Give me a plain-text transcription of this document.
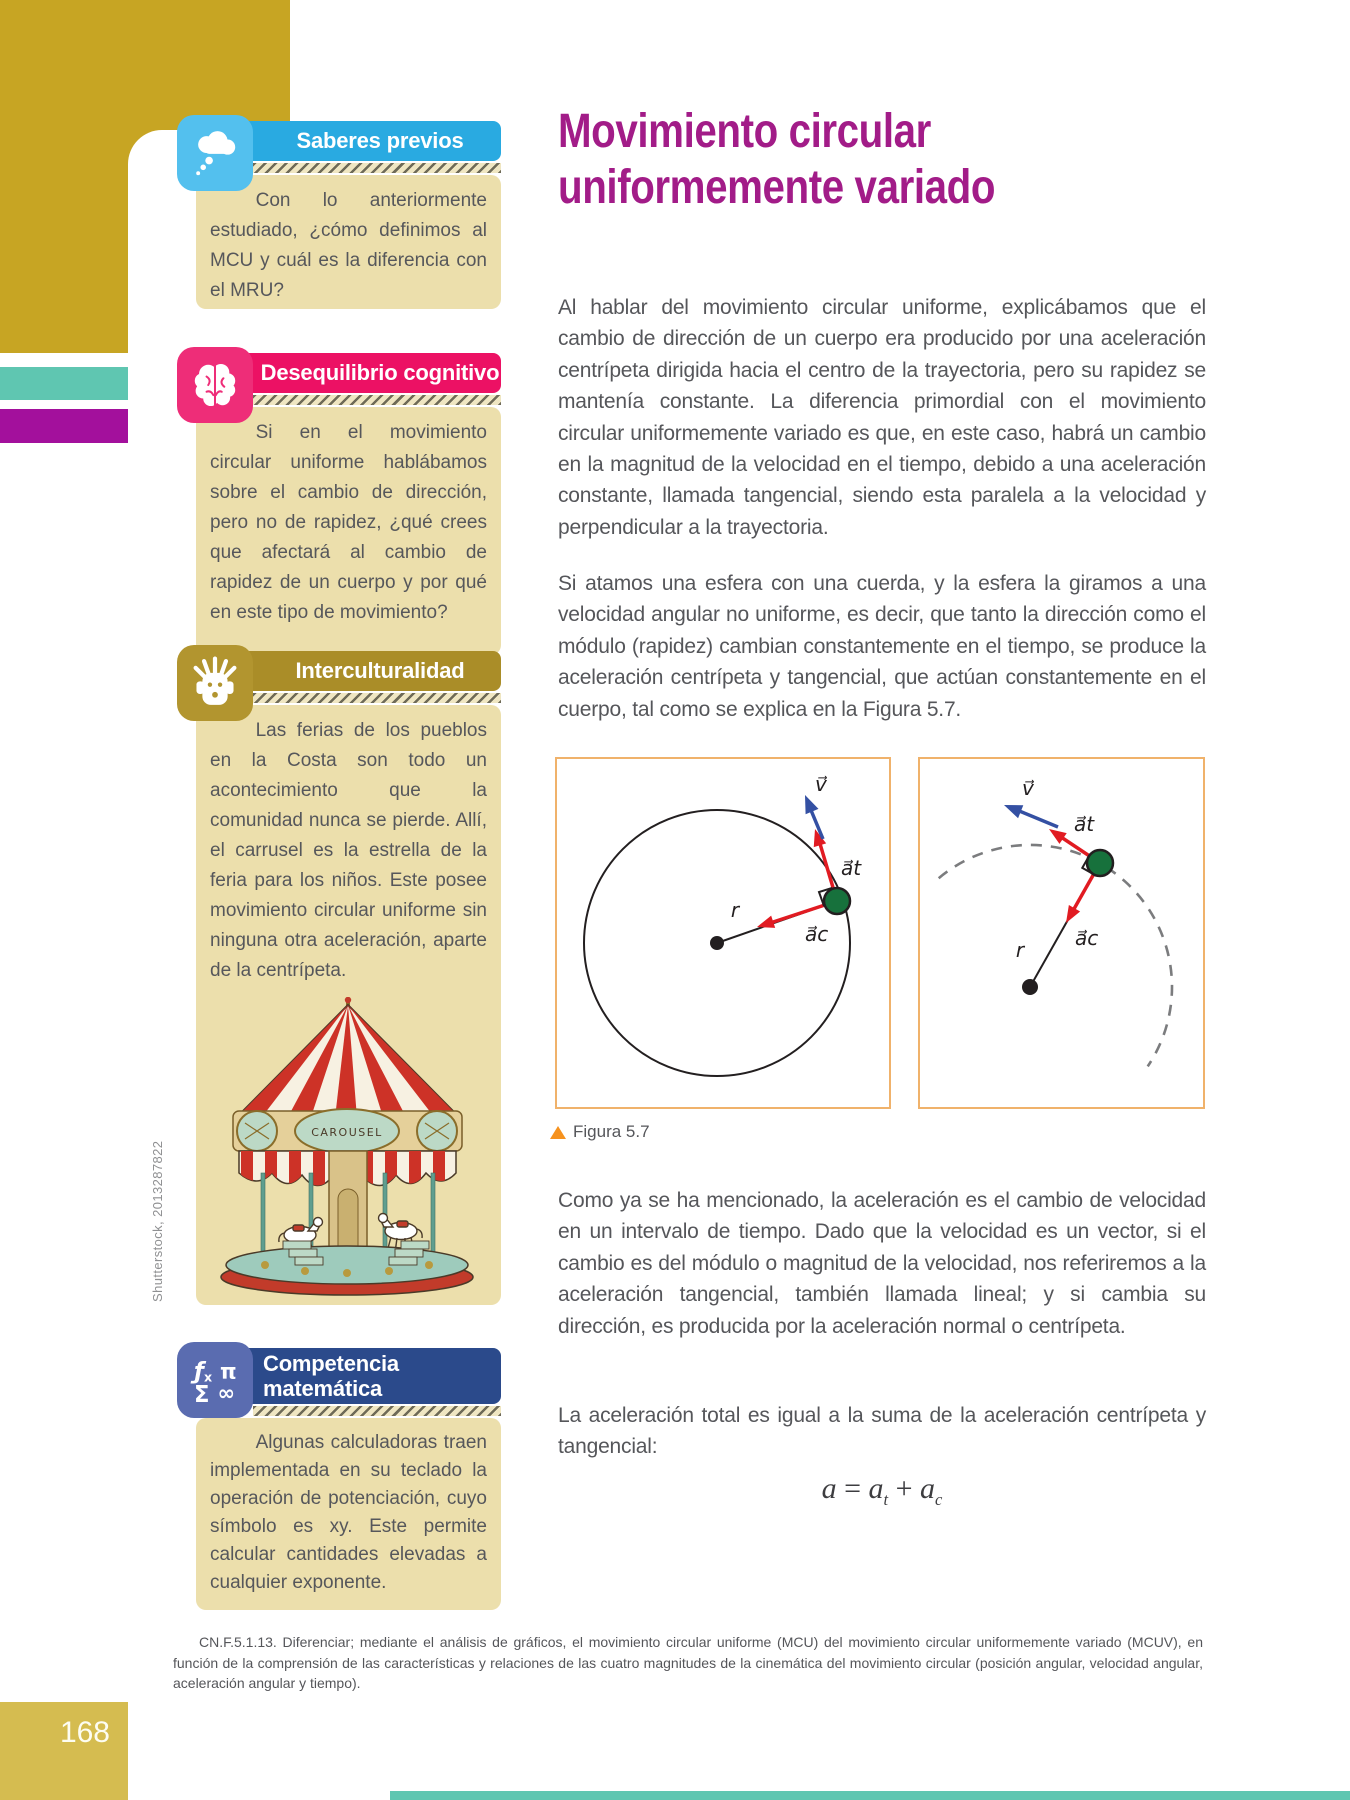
168
Saberes previos

Con lo anteriormente estudiado, ¿cómo definimos al MCU y cuál es la diferencia con el MRU?

Desequilibrio cognitivo

Si en el movimiento circular uniforme hablábamos sobre el cambio de dirección, pero no de rapidez, ¿qué crees que afectará al cambio de rapidez de un cuerpo y por qué en este tipo de movimiento?

Interculturalidad

Las ferias de los pueblos en la Costa son todo un acontecimiento que la comunidad nunca se pierde. Allí, el carrusel es la estrella de la feria para los niños. Este posee movimiento circular uniforme sin ninguna otra aceleración, aparte de la centrípeta.

CAROUSEL
Shutterstock, 2013287822
ƒ x π
Σ ∞
Competencia matemática

Algunas calculadoras traen implementada en su teclado la operación de potenciación, cuyo símbolo es xy. Este permite calcular cantidades elevadas a cualquier exponente.

Movimiento circular uniformemente variado

Al hablar del movimiento circular uniforme, explicábamos que el cambio de dirección de un cuerpo era producido por una aceleración centrípeta dirigida hacia el centro de la trayectoria, pero su rapidez se mantenía constante. La diferencia primordial con el movimiento circular uniformemente variado es que, en este caso, habrá un cambio en la magnitud de la velocidad en el tiempo, debido a una aceleración constante, llamada tangencial, siendo esta paralela a la velocidad y perpendicular a la trayectoria.

Si atamos una esfera con una cuerda, y la esfera la giramos a una velocidad angular no uniforme, es decir, que tanto la dirección como el módulo (rapidez) cambian constantemente en el tiempo, se produce la aceleración centrípeta y tangencial, que actúan constantemente en el cuerpo, tal como se explica en la Figura 5.7.

r
a⃗c
a⃗t
v⃗
r	a⃗c
a⃗t
v⃗
Figura 5.7

Como ya se ha mencionado, la aceleración es el cambio de velocidad en un intervalo de tiempo. Dado que la velocidad es un vector, si el cambio es del módulo o magnitud de la velocidad, nos referiremos a la aceleración tangencial, también llamada lineal; y si cambia su dirección, es producida por la aceleración normal o centrípeta.

La aceleración total es igual a la suma de la aceleración centrípeta y tangencial:

$a = a_t + a_c$

CN.F.5.1.13. Diferenciar; mediante el análisis de gráficos, el movimiento circular uniforme (MCU) del movimiento circular uniformemente variado (MCUV), en función de la comprensión de las características y relaciones de las cuatro magnitudes de la cinemática del movimiento circular (posición angular, velocidad angular, aceleración angular y tiempo).
